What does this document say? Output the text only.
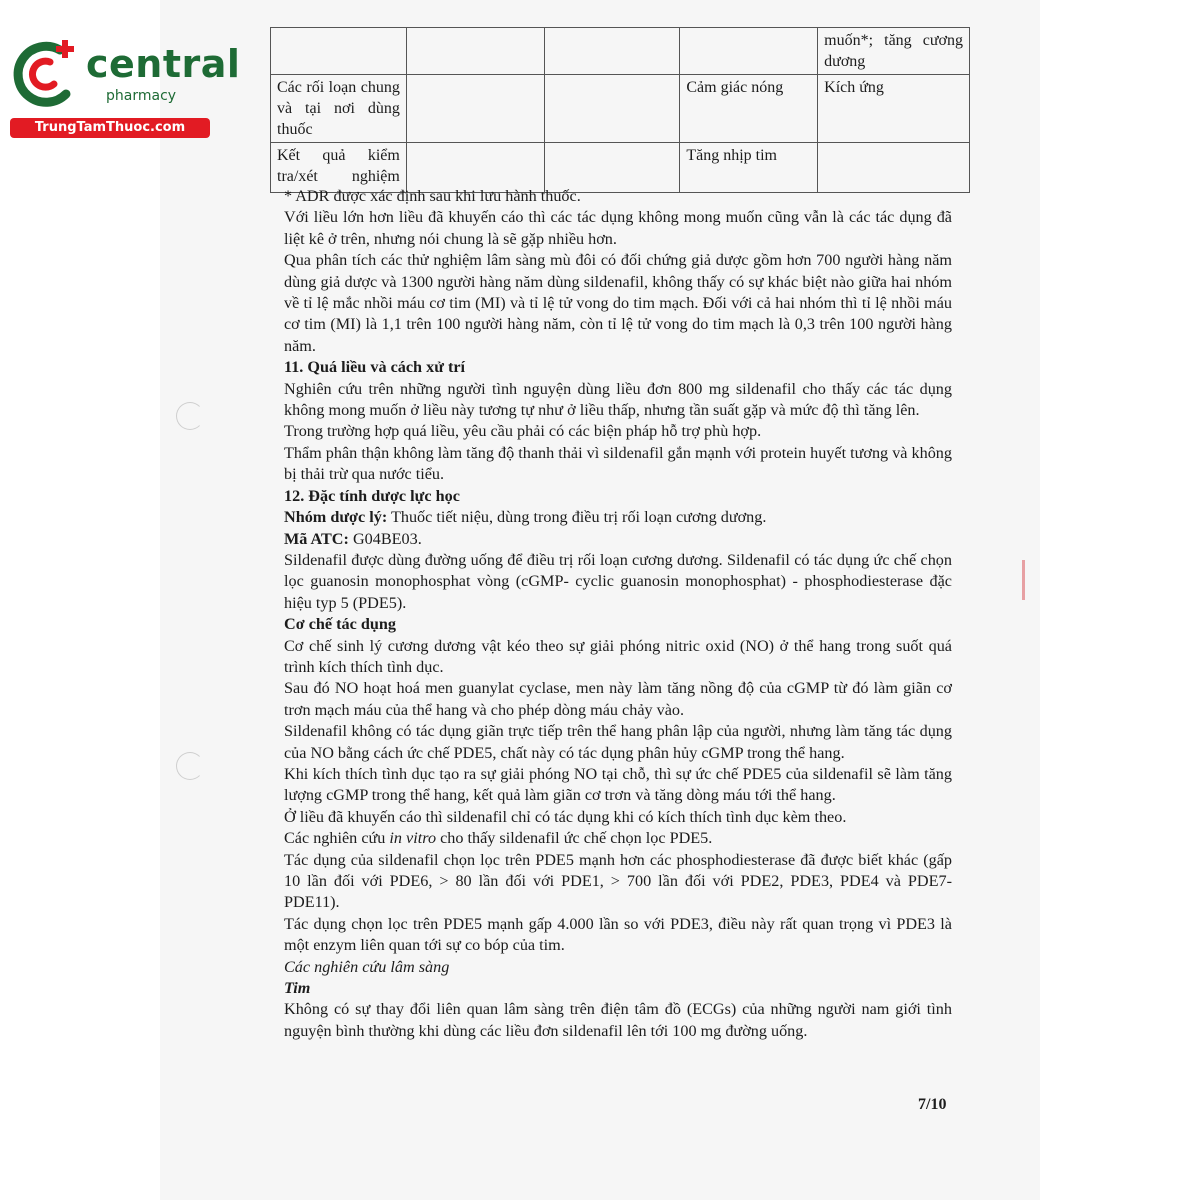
central
pharmacy
TrungTamThuoc.com
				muốn*; tăng cương dương
Các rối loạn chung và tại nơi dùng thuốc			Cảm giác nóng	Kích ứng
Kết quả kiểm tra/xét nghiệm			Tăng nhịp tim	

* ADR được xác định sau khi lưu hành thuốc.

Với liều lớn hơn liều đã khuyến cáo thì các tác dụng không mong muốn cũng vẫn là các tác dụng đã liệt kê ở trên, nhưng nói chung là sẽ gặp nhiều hơn.

Qua phân tích các thử nghiệm lâm sàng mù đôi có đối chứng giả dược gồm hơn 700 người hàng năm dùng giả dược và 1300 người hàng năm dùng sildenafil, không thấy có sự khác biệt nào giữa hai nhóm về tỉ lệ mắc nhồi máu cơ tim (MI) và tỉ lệ tử vong do tim mạch. Đối với cả hai nhóm thì tỉ lệ nhồi máu cơ tim (MI) là 1,1 trên 100 người hàng năm, còn tỉ lệ tử vong do tim mạch là 0,3 trên 100 người hàng năm.

11. Quá liều và cách xử trí

Nghiên cứu trên những người tình nguyện dùng liều đơn 800 mg sildenafil cho thấy các tác dụng không mong muốn ở liều này tương tự như ở liều thấp, nhưng tần suất gặp và mức độ thì tăng lên.

Trong trường hợp quá liều, yêu cầu phải có các biện pháp hỗ trợ phù hợp.

Thẩm phân thận không làm tăng độ thanh thải vì sildenafil gắn mạnh với protein huyết tương và không bị thải trừ qua nước tiểu.

12. Đặc tính dược lực học

Nhóm dược lý: Thuốc tiết niệu, dùng trong điều trị rối loạn cương dương.

Mã ATC: G04BE03.

Sildenafil được dùng đường uống để điều trị rối loạn cương dương. Sildenafil có tác dụng ức chế chọn lọc guanosin monophosphat vòng (cGMP- cyclic guanosin monophosphat) - phosphodiesterase đặc hiệu typ 5 (PDE5).

Cơ chế tác dụng

Cơ chế sinh lý cương dương vật kéo theo sự giải phóng nitric oxid (NO) ở thể hang trong suốt quá trình kích thích tình dục.

Sau đó NO hoạt hoá men guanylat cyclase, men này làm tăng nồng độ của cGMP từ đó làm giãn cơ trơn mạch máu của thể hang và cho phép dòng máu chảy vào.

Sildenafil không có tác dụng giãn trực tiếp trên thể hang phân lập của người, nhưng làm tăng tác dụng của NO bằng cách ức chế PDE5, chất này có tác dụng phân hủy cGMP trong thể hang.

Khi kích thích tình dục tạo ra sự giải phóng NO tại chỗ, thì sự ức chế PDE5 của sildenafil sẽ làm tăng lượng cGMP trong thể hang, kết quả làm giãn cơ trơn và tăng dòng máu tới thể hang.

Ở liều đã khuyến cáo thì sildenafil chỉ có tác dụng khi có kích thích tình dục kèm theo.

Các nghiên cứu in vitro cho thấy sildenafil ức chế chọn lọc PDE5.

Tác dụng của sildenafil chọn lọc trên PDE5 mạnh hơn các phosphodiesterase đã được biết khác (gấp 10 lần đối với PDE6, > 80 lần đối với PDE1, > 700 lần đối với PDE2, PDE3, PDE4 và PDE7- PDE11).

Tác dụng chọn lọc trên PDE5 mạnh gấp 4.000 lần so với PDE3, điều này rất quan trọng vì PDE3 là một enzym liên quan tới sự co bóp của tim.

Các nghiên cứu lâm sàng

Tim

Không có sự thay đổi liên quan lâm sàng trên điện tâm đồ (ECGs) của những người nam giới tình nguyện bình thường khi dùng các liều đơn sildenafil lên tới 100 mg đường uống.

7/10
